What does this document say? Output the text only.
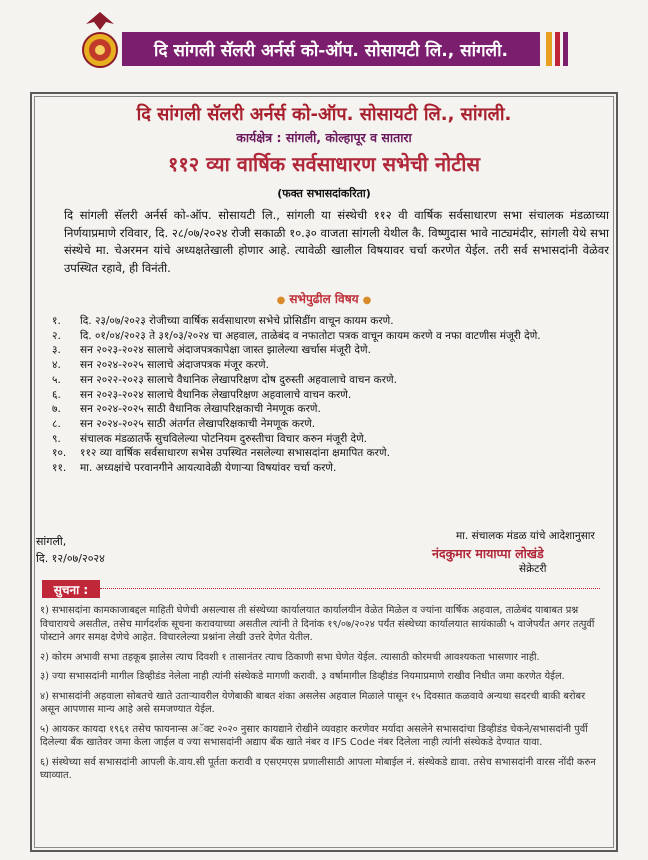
दि सांगली सॅलरी अर्नर्स को-ऑप. सोसायटी लि., सांगली.
दि सांगली सॅलरी अर्नर्स को-ऑप. सोसायटी लि., सांगली.
कार्यक्षेत्र : सांगली, कोल्हापूर व सातारा
११२ व्या वार्षिक सर्वसाधारण सभेची नोटीस
(फक्त सभासदांकरिता)
दि सांगली सॅलरी अर्नर्स को-ऑप. सोसायटी लि., सांगली या संस्थेची ११२ वी वार्षिक सर्वसाधारण सभा संचालक मंडळाच्या निर्णयाप्रमाणे रविवार, दि. २८/०७/२०२४ रोजी सकाळी १०.३० वाजता सांगली येथील कै. विष्णुदास भावे नाट्यमंदीर, सांगली येथे सभा संस्थेचे मा. चेअरमन यांचे अध्यक्षतेखाली होणार आहे. त्यावेळी खालील विषयावर चर्चा करणेत येईल. तरी सर्व सभासदांनी वेळेवर उपस्थित रहावे, ही विनंती.
● सभेपुढील विषय ●
१.	दि. २३/०७/२०२३ रोजीच्या वार्षिक सर्वसाधारण सभेचे प्रोसिडींग वाचून कायम करणे.
२.	दि. ०१/०४/२०२३ ते ३१/०३/२०२४ चा अहवाल, ताळेबंद व नफातोटा पत्रक वाचून कायम करणे व नफा वाटणीस मंजूरी देणे.
३.	सन २०२३-२०२४ सालाचे अंदाजपत्रकापेक्षा जास्त झालेल्या खर्चास मंजूरी देणे.
४.	सन २०२४-२०२५ सालाचे अंदाजपत्रक मंजूर करणे.
५.	सन २०२२-२०२३ सालाचे वैधानिक लेखापरिक्षण दोष दुरुस्ती अहवालाचे वाचन करणे.
६.	सन २०२३-२०२४ सालाचे वैधानिक लेखापरिक्षण अहवालाचे वाचन करणे.
७.	सन २०२४-२०२५ साठी वैधानिक लेखापरिक्षकाची नेमणूक करणे.
८.	सन २०२४-२०२५ साठी अंतर्गत लेखापरिक्षकाची नेमणूक करणे.
९.	संचालक मंडळातर्फे सुचविलेल्या पोटनियम दुरुस्तीचा विचार करुन मंजूरी देणे.
१०.	११२ व्या वार्षिक सर्वसाधारण सभेस उपस्थित नसलेल्या सभासदांना क्षमापित करणे.
११.	मा. अध्यक्षांचे परवानगीने आयत्यावेळी येणाऱ्या विषयांवर चर्चा करणे.
सांगली,
दि. १२/०७/२०२४
मा. संचालक मंडळ यांचे आदेशानुसार
नंदकुमार मायाप्पा लोखंडे
सेक्रेटरी
सुचना :
१) सभासदांना कामकाजाबद्दल माहिती घेणेची असल्यास ती संस्थेच्या कार्यालयात कार्यालयीन वेळेत मिळेल व ज्यांना वार्षिक अहवाल, ताळेबंद याबाबत प्रश्न विचारायचे असतील, तसेच मार्गदर्शक सूचना करावयाच्या असतील त्यांनी ते दिनांक १९/०७/२०२४ पर्यंत संस्थेच्या कार्यालयात सायंकाळी ५ वाजेपर्यंत अगर तत्पुर्वी पोस्टाने अगर समक्ष देणेचे आहेत. विचारलेल्या प्रश्नांना लेखी उत्तरे देणेत येतील.
२) कोरम अभावी सभा तहकूब झालेस त्याच दिवशी १ तासानंतर त्याच ठिकाणी सभा घेणेत येईल. त्यासाठी कोरमची आवश्यकता भासणार नाही.
३) ज्या सभासदांनी मागील डिव्हीडंड नेलेला नाही त्यांनी संस्थेकडे मागणी करावी. ३ वर्षामागील डिव्हीडंड नियमाप्रमाणे राखीव निधीत जमा करणेत येईल.
४) सभासदांनी अहवाला सोबतचे खाते उताऱ्यावरील येणेबाकी बाबत शंका असलेस अहवाल मिळाले पासून १५ दिवसात कळवावे अन्यथा सदरची बाकी बरोबर असून आपणास मान्य आहे असे समजण्यात येईल.
५) आयकर कायदा १९६१ तसेच फायनान्स अॅक्ट २०२० नुसार कायद्याने रोखीने व्यवहार करणेवर मर्यादा असलेने सभासदांचा डिव्हीडंड चेकने/सभासदांनी पुर्वी दिलेल्या बँक खातेवर जमा केला जाईल व ज्या सभासदांनी अद्याप बँक खाते नंबर व IFS Code नंबर दिलेला नाही त्यांनी संस्थेकडे देण्यात यावा.
६) संस्थेच्या सर्व सभासदांनी आपली के.वाय.सी पूर्तता करावी व एसएमएस प्रणालीसाठी आपला मोबाईल नं. संस्थेकडे द्यावा. तसेच सभासदांनी वारस नोंदी करुन घ्याव्यात.
